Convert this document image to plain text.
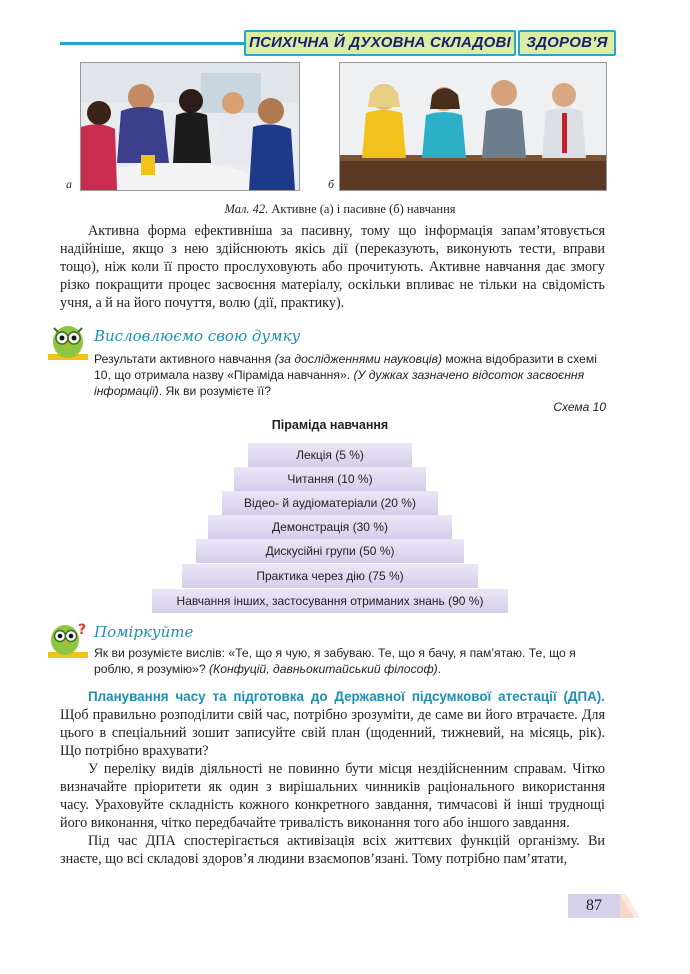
ПСИХІЧНА Й ДУХОВНА СКЛАДОВІ	ЗДОРОВ’Я
а	б
Мал. 42. Активне (а) і пасивне (б) навчання
Активна форма ефективніша за пасивну, тому що інформація запам’ятовується надійніше, якщо з нею здійснюють якісь дії (переказують, виконують тести, вправи тощо), ніж коли її просто прослуховують або прочитують. Активне навчання дає змогу різко покращити процес засвоєння матеріалу, оскільки впливає не тільки на свідомість учня, а й на його почуття, волю (дії, практику).
Висловлюємо свою думку
Результати активного навчання (за дослідженнями науковців) можна відобразити в схемі 10, що отримала назву «Піраміда навчання». (У дужках зазначено відсоток засвоєння інформації). Як ви розумієте її?
Схема 10
Піраміда навчання
Лекція (5 %)
Читання (10 %)
Відео- й аудіоматеріали (20 %)
Демонстрація (30 %)
Дискусійні групи (50 %)
Практика через дію (75 %)
Навчання інших, застосування отриманих знань (90 %)
? Поміркуйте
Як ви розумієте вислів: «Те, що я чую, я забуваю. Те, що я бачу, я пам’ятаю. Те, що я роблю, я розумію»? (Конфуцій, давньокитайський філософ).
Планування часу та підготовка до Державної підсумкової атестації (ДПА). Щоб правильно розподілити свій час, потрібно зрозуміти, де саме ви його втрачаєте. Для цього в спеціальний зошит записуйте свій план (щоденний, тижневий, на місяць, рік). Що потрібно врахувати?
У переліку видів діяльності не повинно бути місця нездійсненним справам. Чітко визначайте пріоритети як один з вирішальних чинників раціонального використання часу. Ураховуйте складність кожного конкретного завдання, тимчасові й інші труднощі його виконання, чітко передбачайте тривалість виконання того або іншого завдання.
Під час ДПА спостерігається активізація всіх життєвих функцій організму. Ви знаєте, що всі складові здоров’я людини взаємопов’язані. Тому потрібно пам’ятати,
87
